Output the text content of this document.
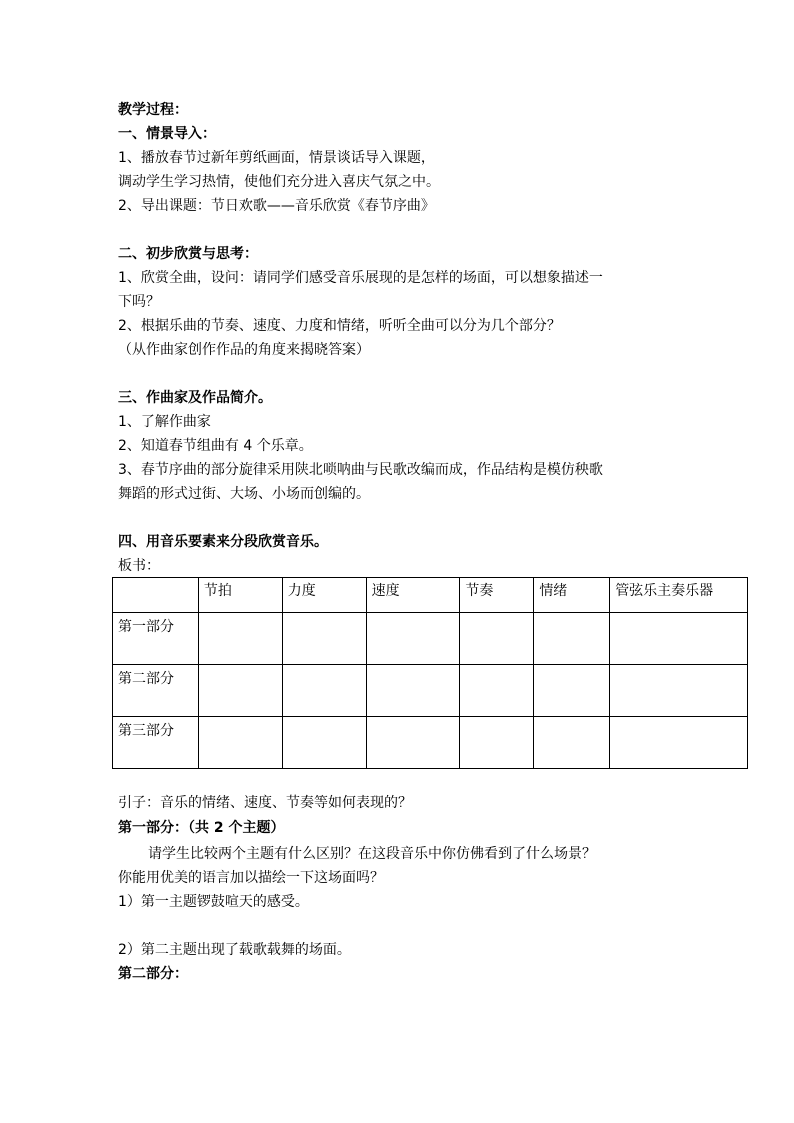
教学过程：
一、情景导入：
1、播放春节过新年剪纸画面，情景谈话导入课题，
调动学生学习热情，使他们充分进入喜庆气氛之中。
2、导出课题：节日欢歌——音乐欣赏《春节序曲》
二、初步欣赏与思考：
1、欣赏全曲，设问：请同学们感受音乐展现的是怎样的场面，可以想象描述一
下吗？
2、根据乐曲的节奏、速度、力度和情绪，听听全曲可以分为几个部分？
（从作曲家创作作品的角度来揭晓答案）
三、作曲家及作品简介。
1、了解作曲家
2、知道春节组曲有 4 个乐章。
3、春节序曲的部分旋律采用陕北唢呐曲与民歌改编而成，作品结构是模仿秧歌
舞蹈的形式过街、大场、小场而创编的。
四、用音乐要素来分段欣赏音乐。
板书：
	节拍	力度	速度	节奏	情绪	管弦乐主奏乐器
第一部分						
第二部分						
第三部分						
引子：音乐的情绪、速度、节奏等如何表现的？
第一部分：（共 2 个主题）
请学生比较两个主题有什么区别？在这段音乐中你仿佛看到了什么场景？
你能用优美的语言加以描绘一下这场面吗？
1）第一主题锣鼓喧天的感受。
2）第二主题出现了载歌载舞的场面。
第二部分：
